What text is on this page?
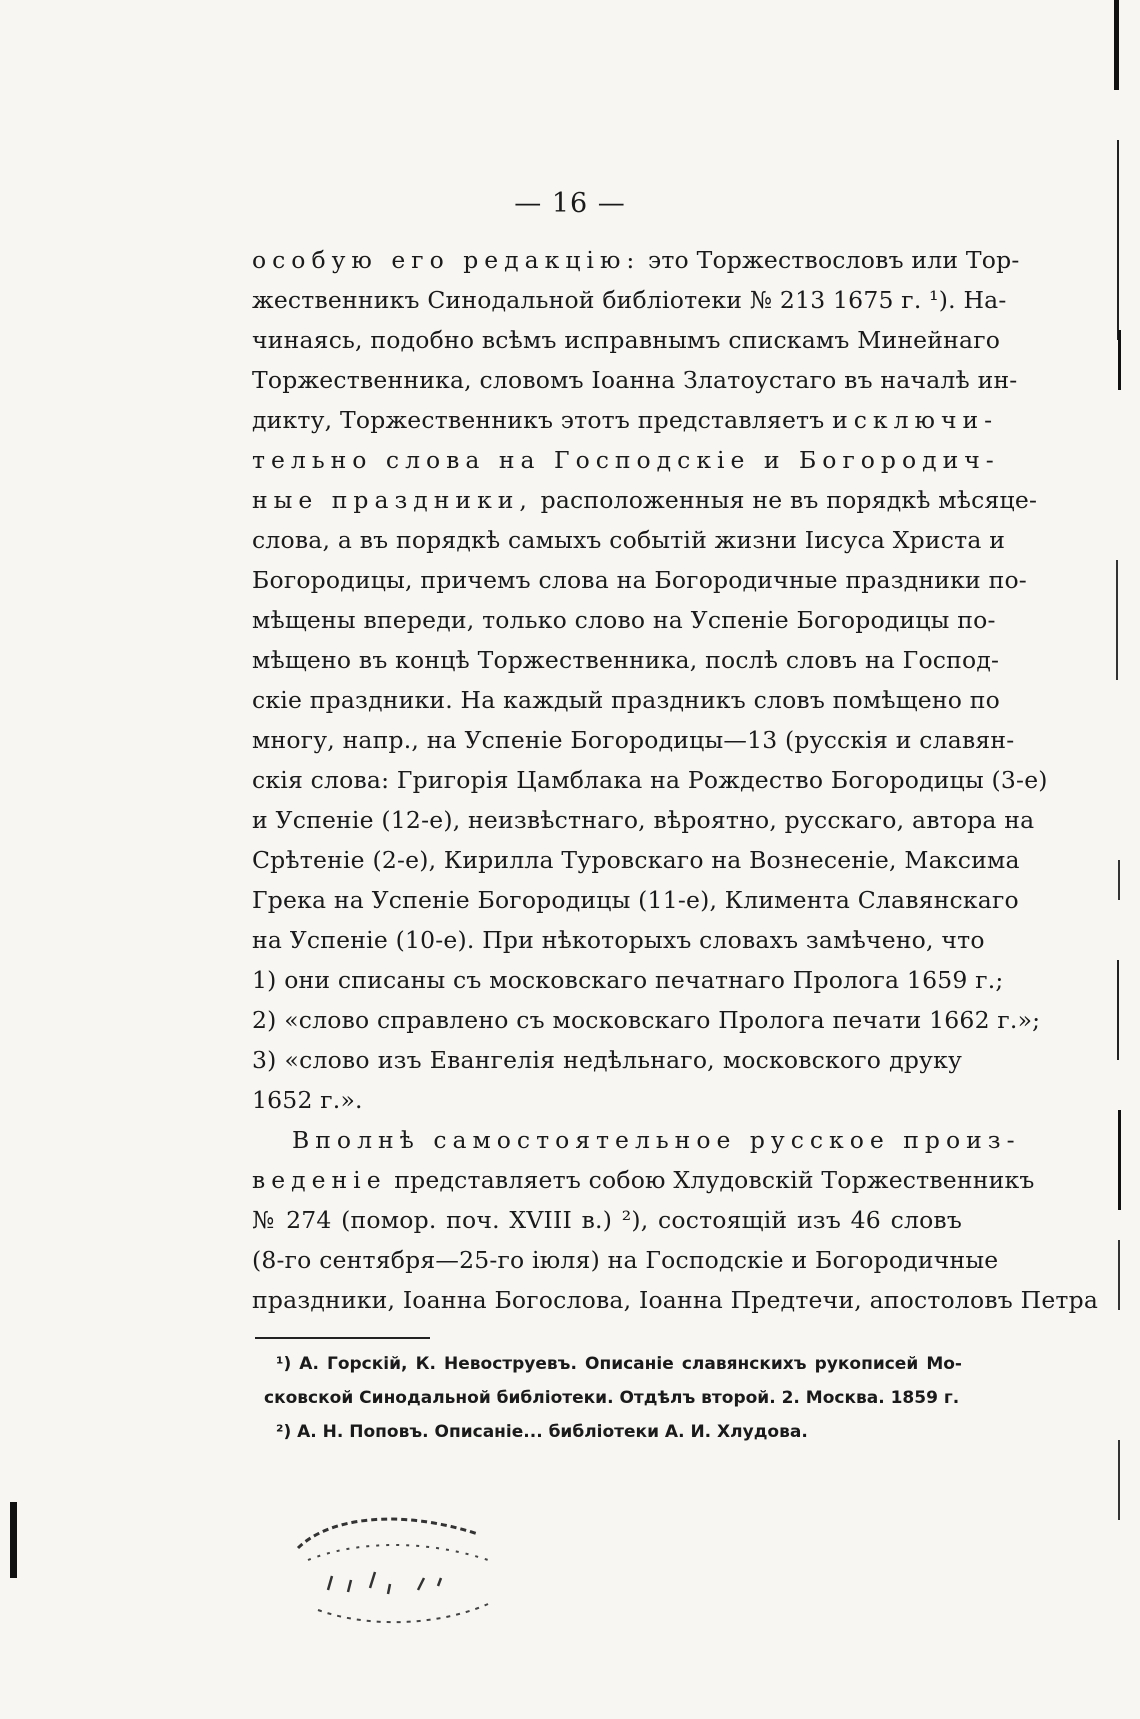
— 16 —
особую его редакцію: это Торжествословъ или Тор-
жественникъ Синодальной библіотеки № 213 1675 г. ¹). На-
чинаясь, подобно всѣмъ исправнымъ спискамъ Минейнаго
Торжественника, словомъ Іоанна Златоустаго въ началѣ ин-
дикту, Торжественникъ этотъ представляетъ исключи-
тельно слова на Господскіе и Богородич-
ные праздники, расположенныя не въ порядкѣ мѣсяце-
слова, а въ порядкѣ самыхъ событій жизни Іисуса Христа и
Богородицы, причемъ слова на Богородичные праздники по-
мѣщены впереди, только слово на Успеніе Богородицы по-
мѣщено въ концѣ Торжественника, послѣ словъ на Господ-
скіе праздники. На каждый праздникъ словъ помѣщено по
многу, напр., на Успеніе Богородицы—13 (русскія и славян-
скія слова: Григорія Цамблака на Рождество Богородицы (3-е)
и Успеніе (12-е), неизвѣстнаго, вѣроятно, русскаго, автора на
Срѣтеніе (2-е), Кирилла Туровскаго на Вознесеніе, Максима
Грека на Успеніе Богородицы (11-е), Климента Славянскаго
на Успеніе (10-е). При нѣкоторыхъ словахъ замѣчено, что
1) они списаны съ московскаго печатнаго Пролога 1659 г.;
2) «слово справлено съ московскаго Пролога печати 1662 г.»;
3) «слово изъ Евангелія недѣльнаго, московского друку
1652 г.».
Вполнѣ самостоятельное русское произ-
веденіе представляетъ собою Хлудовскій Торжественникъ
№ 274 (помор. поч. XVIII в.) ²), состоящій изъ 46 словъ
(8-го сентября—25-го іюля) на Господскіе и Богородичные
праздники, Іоанна Богослова, Іоанна Предтечи, апостоловъ Петра
¹) А. Горскій, К. Невоструевъ. Описаніе славянскихъ рукописей Мо-
сковской Синодальной библіотеки. Отдѣлъ второй. 2. Москва. 1859 г.
²) А. Н. Поповъ. Описаніе... библіотеки А. И. Хлудова.
